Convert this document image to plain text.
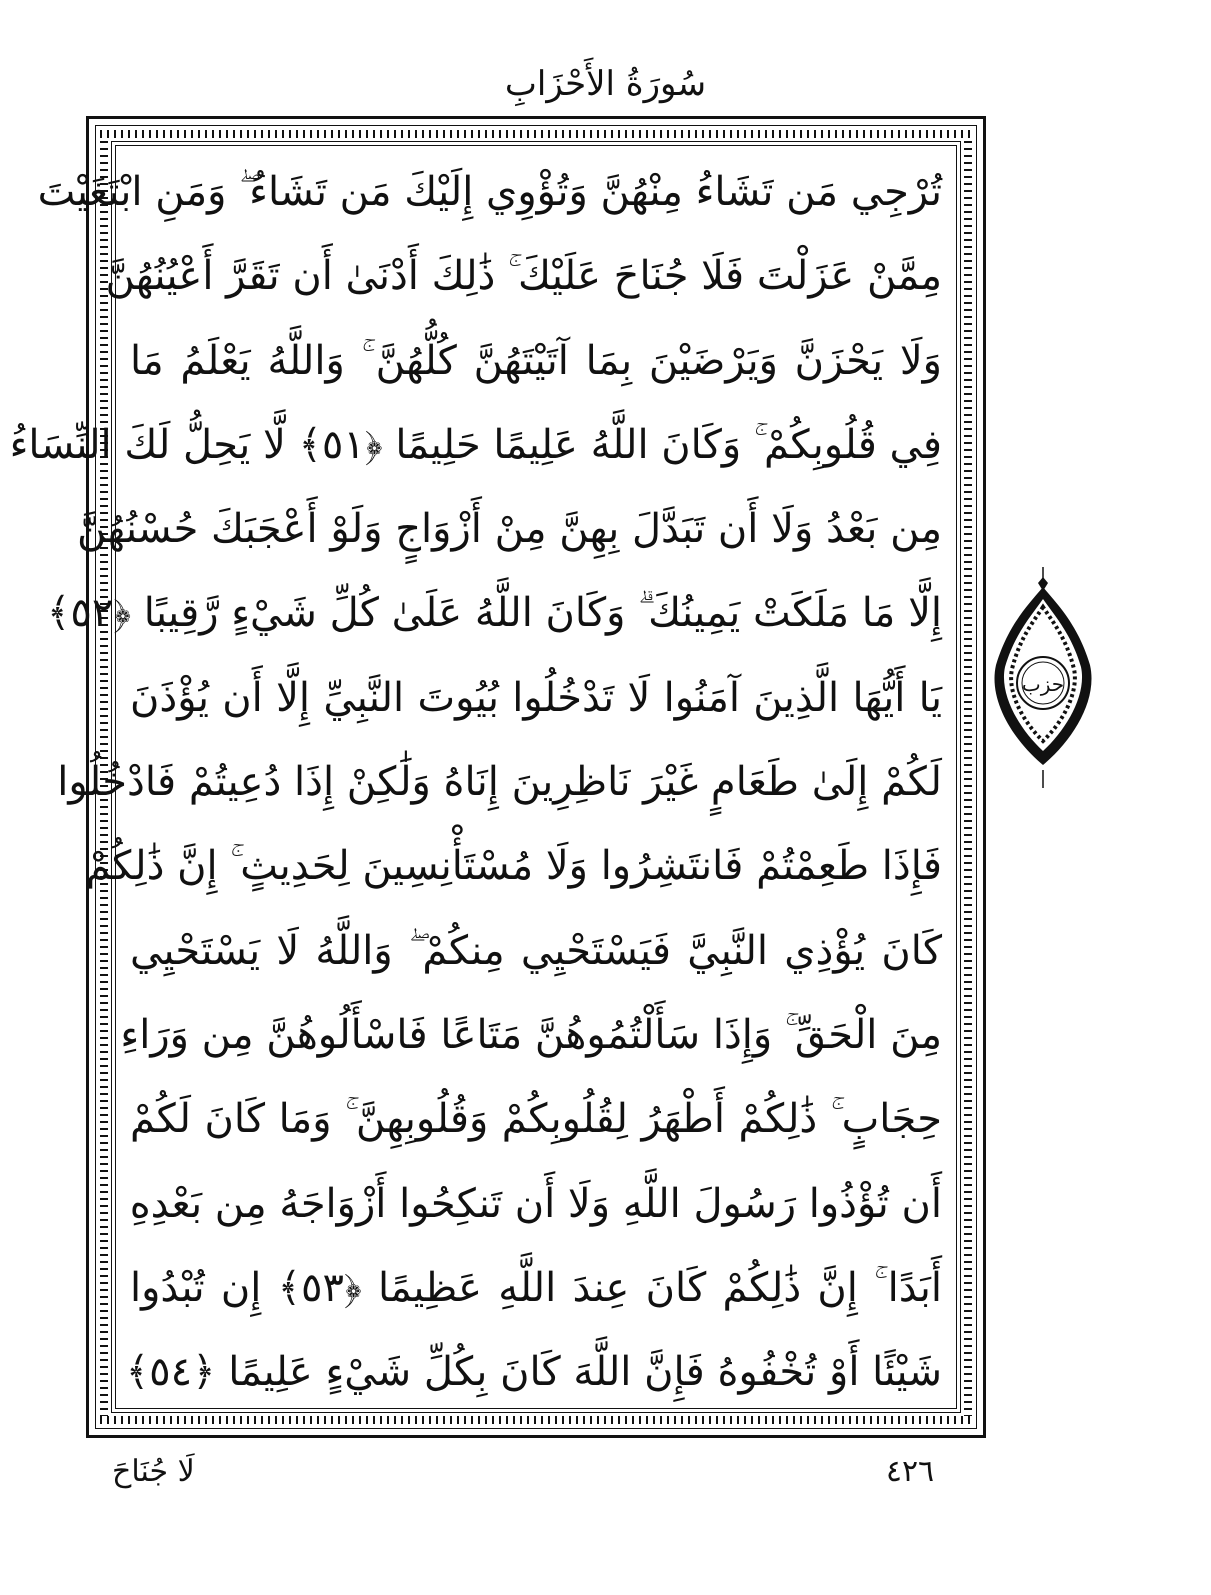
سُورَةُ الأَحْزَابِ
تُرْجِي مَن تَشَاءُ مِنْهُنَّ وَتُؤْوِي إِلَيْكَ مَن تَشَاءُ ۖ وَمَنِ ابْتَغَيْتَ
مِمَّنْ عَزَلْتَ فَلَا جُنَاحَ عَلَيْكَ ۚ ذَٰلِكَ أَدْنَىٰ أَن تَقَرَّ أَعْيُنُهُنَّ
وَلَا يَحْزَنَّ وَيَرْضَيْنَ بِمَا آتَيْتَهُنَّ كُلُّهُنَّ ۚ وَاللَّهُ يَعْلَمُ مَا
فِي قُلُوبِكُمْ ۚ وَكَانَ اللَّهُ عَلِيمًا حَلِيمًا ﴿٥١﴾ لَّا يَحِلُّ لَكَ النِّسَاءُ
مِن بَعْدُ وَلَا أَن تَبَدَّلَ بِهِنَّ مِنْ أَزْوَاجٍ وَلَوْ أَعْجَبَكَ حُسْنُهُنَّ
إِلَّا مَا مَلَكَتْ يَمِينُكَ ۗ وَكَانَ اللَّهُ عَلَىٰ كُلِّ شَيْءٍ رَّقِيبًا ﴿٥٢﴾
يَا أَيُّهَا الَّذِينَ آمَنُوا لَا تَدْخُلُوا بُيُوتَ النَّبِيِّ إِلَّا أَن يُؤْذَنَ
لَكُمْ إِلَىٰ طَعَامٍ غَيْرَ نَاظِرِينَ إِنَاهُ وَلَٰكِنْ إِذَا دُعِيتُمْ فَادْخُلُوا
فَإِذَا طَعِمْتُمْ فَانتَشِرُوا وَلَا مُسْتَأْنِسِينَ لِحَدِيثٍ ۚ إِنَّ ذَٰلِكُمْ
كَانَ يُؤْذِي النَّبِيَّ فَيَسْتَحْيِي مِنكُمْ ۖ وَاللَّهُ لَا يَسْتَحْيِي
مِنَ الْحَقِّ ۚ وَإِذَا سَأَلْتُمُوهُنَّ مَتَاعًا فَاسْأَلُوهُنَّ مِن وَرَاءِ
حِجَابٍ ۚ ذَٰلِكُمْ أَطْهَرُ لِقُلُوبِكُمْ وَقُلُوبِهِنَّ ۚ وَمَا كَانَ لَكُمْ
أَن تُؤْذُوا رَسُولَ اللَّهِ وَلَا أَن تَنكِحُوا أَزْوَاجَهُ مِن بَعْدِهِ
أَبَدًا ۚ إِنَّ ذَٰلِكُمْ كَانَ عِندَ اللَّهِ عَظِيمًا ﴿٥٣﴾ إِن تُبْدُوا
شَيْئًا أَوْ تُخْفُوهُ فَإِنَّ اللَّهَ كَانَ بِكُلِّ شَيْءٍ عَلِيمًا ﴿٥٤﴾
حزب
لَا جُنَاحَ	٤٢٦
